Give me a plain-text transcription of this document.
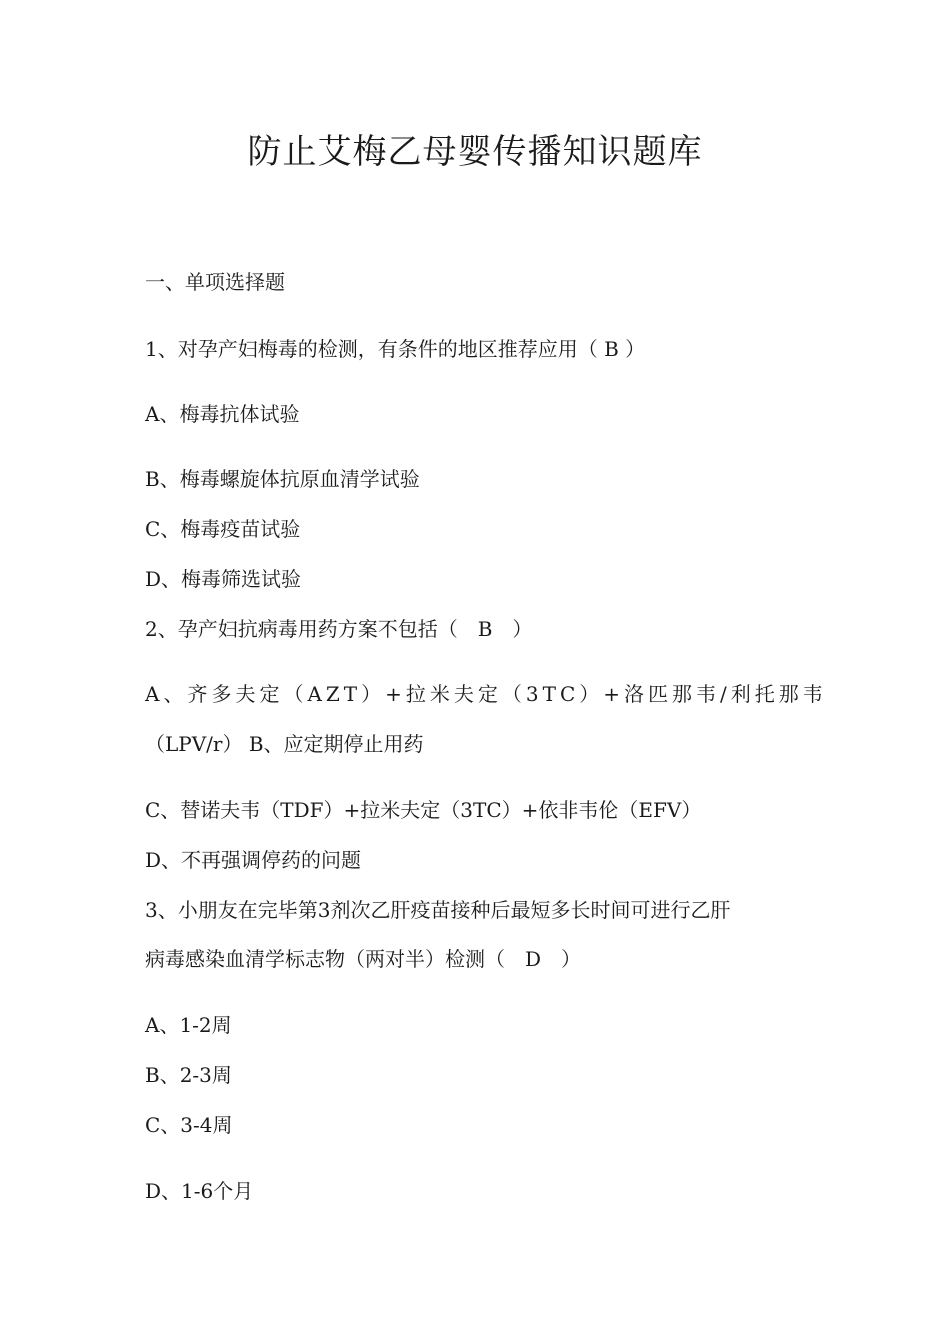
防止艾梅乙母婴传播知识题库
一、单项选择题
1、对孕产妇梅毒的检测，有条件的地区推荐应用（ B ）
A、梅毒抗体试验
B、梅毒螺旋体抗原血清学试验
C、梅毒疫苗试验
D、梅毒筛选试验
2、孕产妇抗病毒用药方案不包括（　B　）
A、齐多夫定（AZT）+拉米夫定（3TC）+洛匹那韦/利托那韦
（LPV/r） B、应定期停止用药
C、替诺夫韦（TDF）+拉米夫定（3TC）+依非韦伦（EFV）
D、不再强调停药的问题
3、小朋友在完毕第3剂次乙肝疫苗接种后最短多长时间可进行乙肝
病毒感染血清学标志物（两对半）检测（　D　）
A、1-2周
B、2-3周
C、3-4周
D、1-6个月
